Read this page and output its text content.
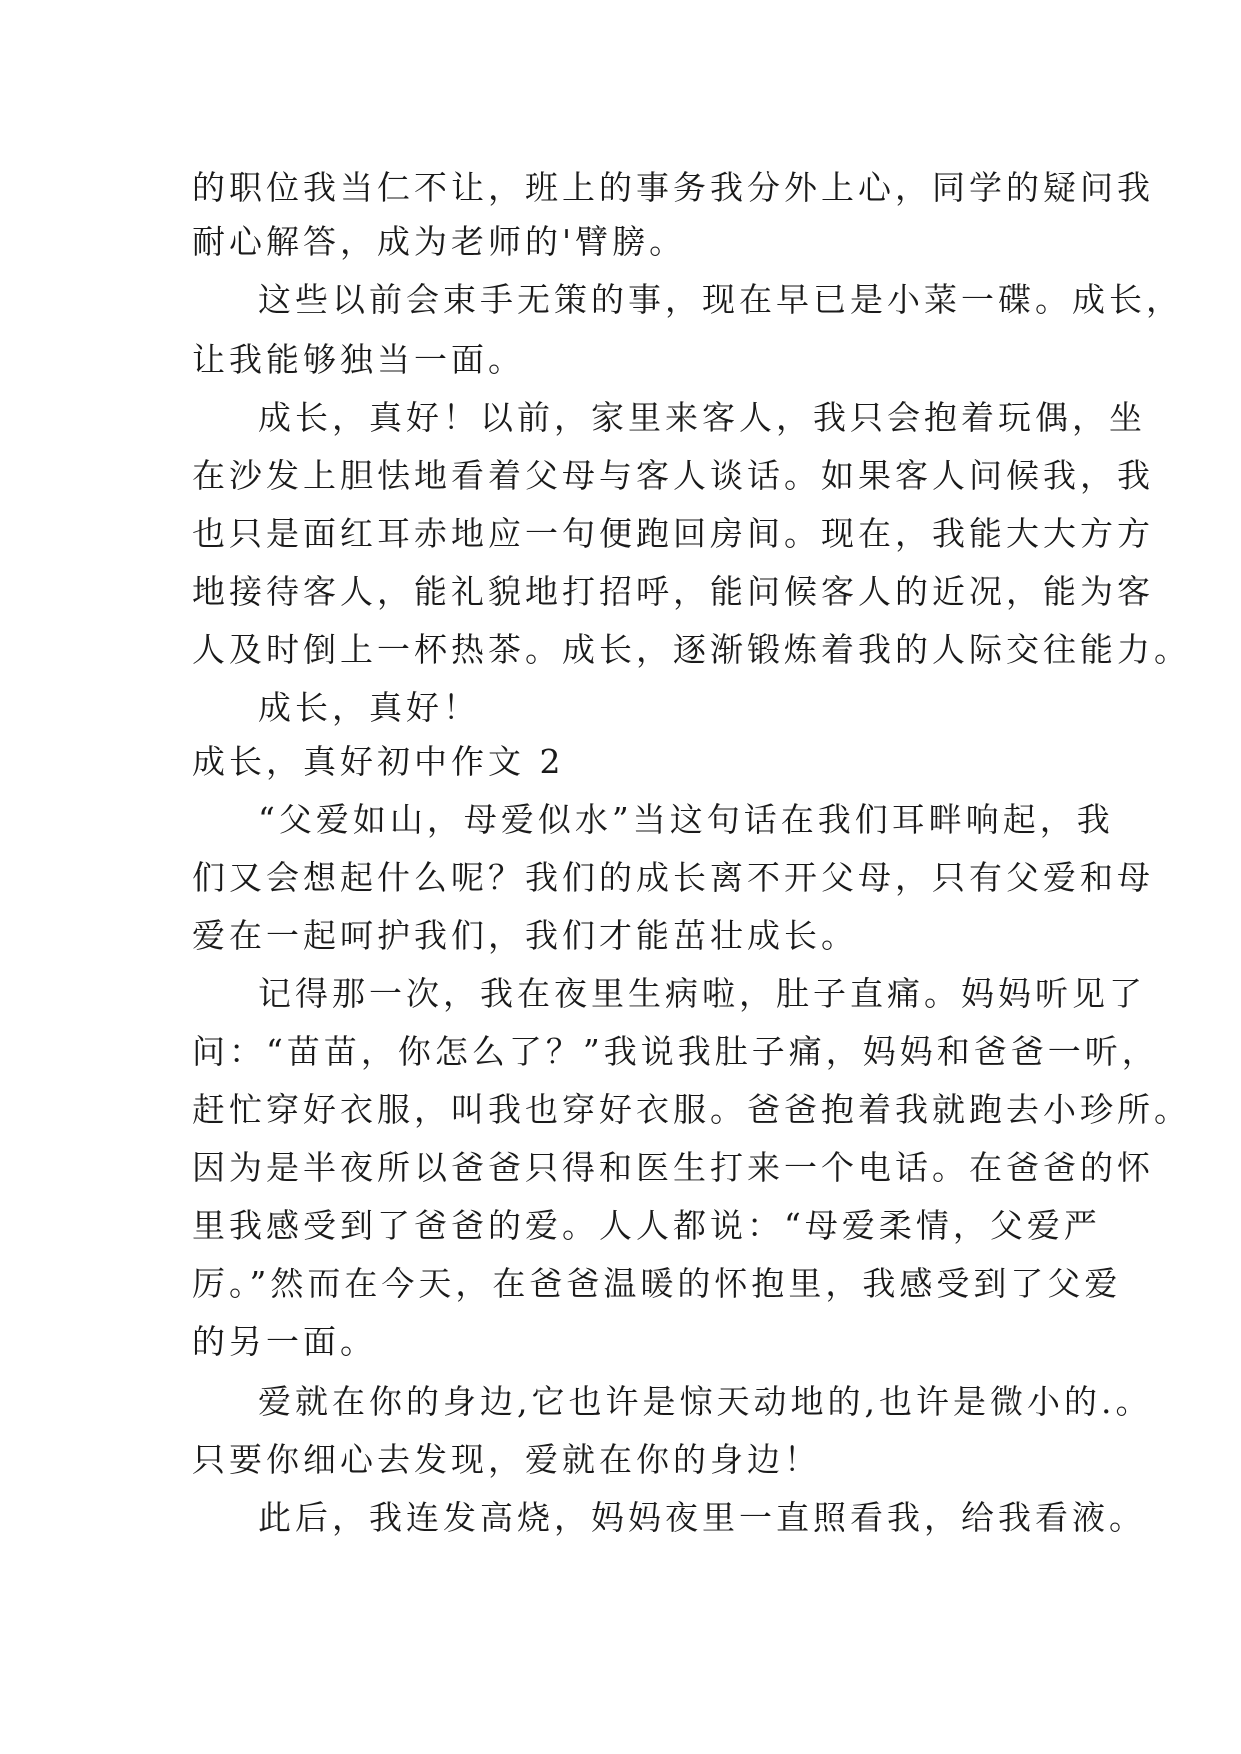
的职位我当仁不让，班上的事务我分外上心，同学的疑问我
耐心解答，成为老师的'臂膀。
这些以前会束手无策的事，现在早已是小菜一碟。成长，
让我能够独当一面。
成长，真好！以前，家里来客人，我只会抱着玩偶，坐
在沙发上胆怯地看着父母与客人谈话。如果客人问候我，我
也只是面红耳赤地应一句便跑回房间。现在，我能大大方方
地接待客人，能礼貌地打招呼，能问候客人的近况，能为客
人及时倒上一杯热茶。成长，逐渐锻炼着我的人际交往能力。
成长，真好！
成长，真好初中作文 2
“父爱如山，母爱似水”当这句话在我们耳畔响起，我
们又会想起什么呢？我们的成长离不开父母，只有父爱和母
爱在一起呵护我们，我们才能茁壮成长。
记得那一次，我在夜里生病啦，肚子直痛。妈妈听见了
问：“苗苗，你怎么了？”我说我肚子痛，妈妈和爸爸一听，
赶忙穿好衣服，叫我也穿好衣服。爸爸抱着我就跑去小珍所。
因为是半夜所以爸爸只得和医生打来一个电话。在爸爸的怀
里我感受到了爸爸的爱。人人都说：“母爱柔情，父爱严
厉。”然而在今天，在爸爸温暖的怀抱里，我感受到了父爱
的另一面。
爱就在你的身边,它也许是惊天动地的,也许是微小的.。
只要你细心去发现，爱就在你的身边！
此后，我连发高烧，妈妈夜里一直照看我，给我看液。
